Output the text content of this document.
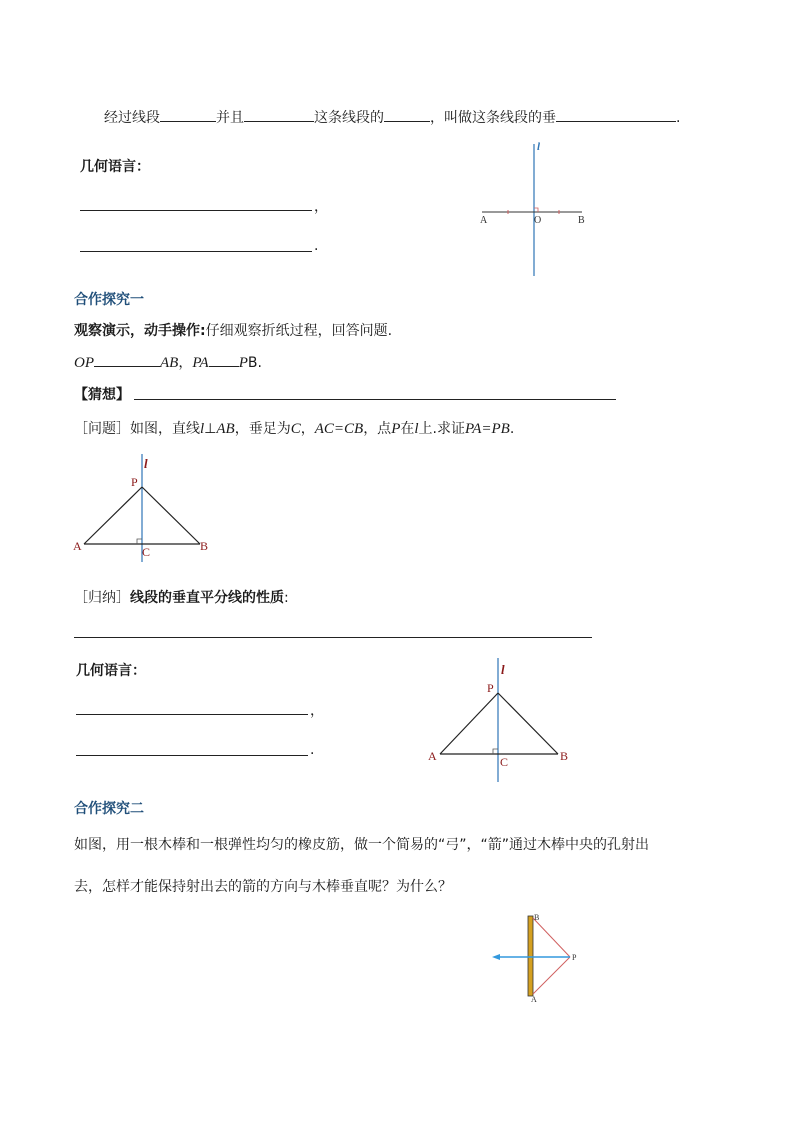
经过线段	并且	这条线段的	，叫做这条线段的垂	.
几何语言：
，
.
l
A	O	B
合作探究一
观察演示，动手操作:仔细观察折纸过程，回答问题.
OP	AB，PA PB.
【猜想】
［问题］如图，直线l⊥AB，垂足为C，AC=CB，点P在l上.求证PA=PB.
l
P
A	C	B
［归纳］线段的垂直平分线的性质:
几何语言：
，
.
l
P
A	C	B
合作探究二
如图，用一根木棒和一根弹性均匀的橡皮筋，做一个简易的“弓”，“箭”通过木棒中央的孔射出
去，怎样才能保持射出去的箭的方向与木棒垂直呢？为什么？
B
P
A
